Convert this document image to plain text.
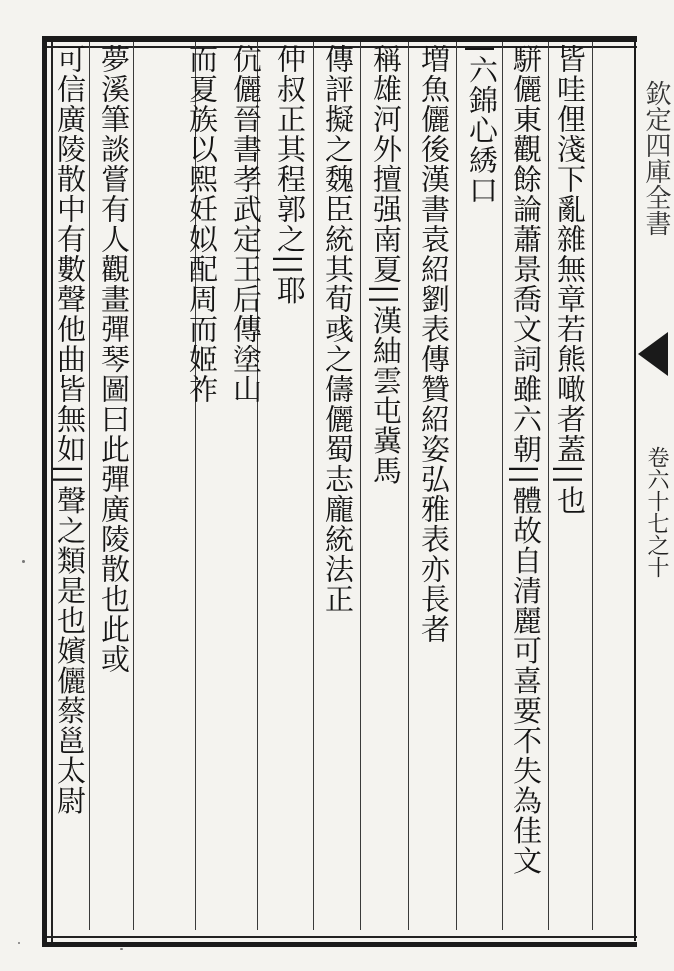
皆哇俚淺下亂雜無章若熊噉者蓋||也
駢儷東觀餘論蕭景喬文詞雖六朝||體故自清麗可喜要不失為佳文
|六錦心綉口
増魚儷後漢書袁紹劉表傳贊紹姿弘雅表亦長者
稱雄河外擅强南夏||漢紬雲屯冀馬
傳評擬之魏臣統其荀彧之儔儷蜀志龐統法正
仲叔正其程郭之||耶
伉儷晉書孝武定王后傳塗山
而夏族以熙妊姒配周而姬祚
夢溪筆談嘗有人觀畫彈琴圖曰此彈廣陵散也此或
可信廣陵散中有數聲他曲皆無如||聲之類是也嬪儷蔡邕太尉	欽定四庫全書
卷六十七之十
